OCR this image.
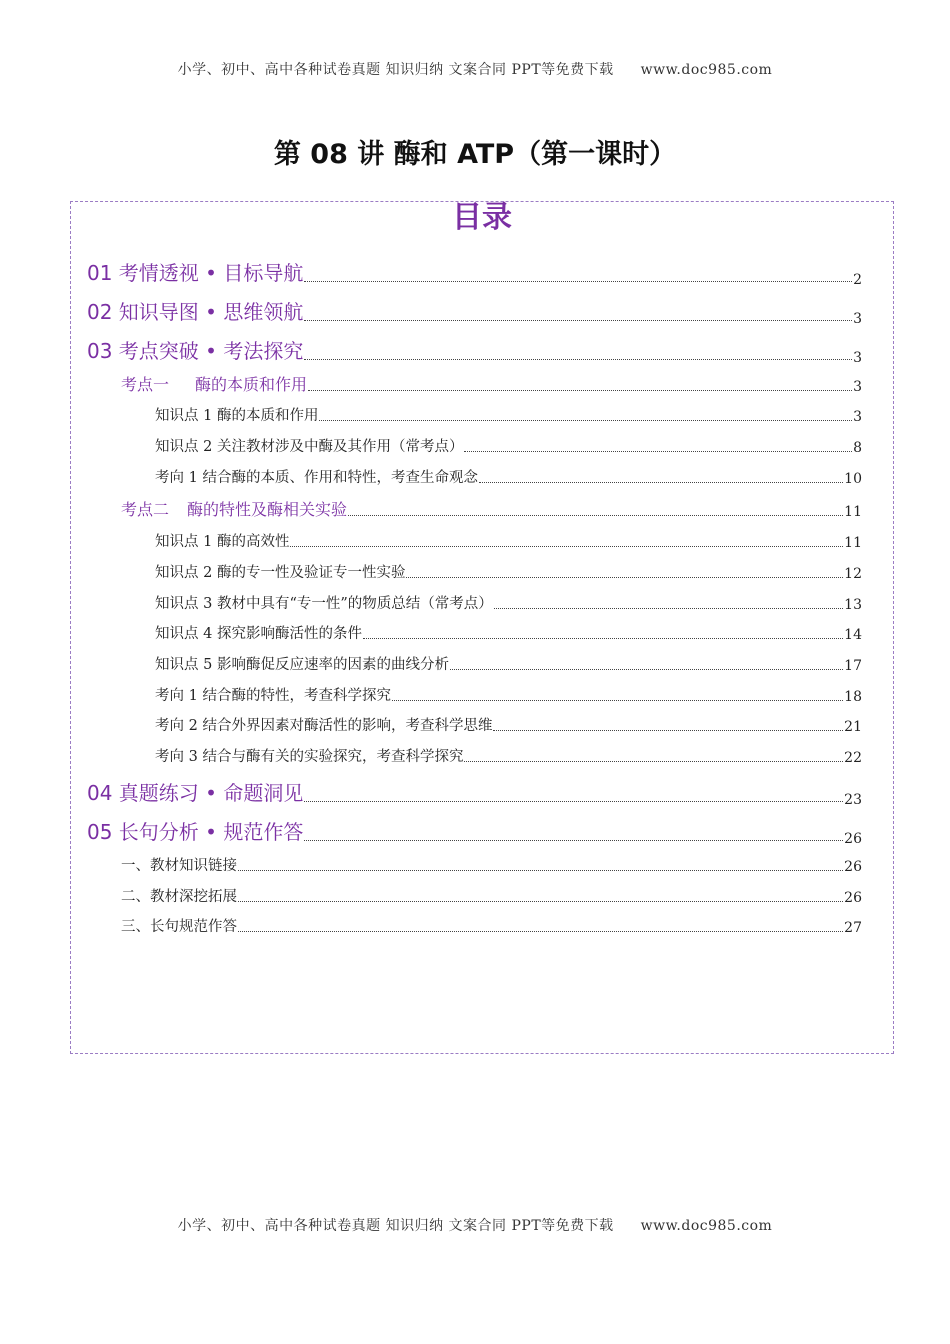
小学、初中、高中各种试卷真题 知识归纳 文案合同 PPT等免费下载 www.doc985.com
第 08 讲 酶和 ATP（第一课时）
目录
01 考情透视 • 目标导航	2
02 知识导图 • 思维领航	3
03 考点突破 • 考法探究	3
考点一 酶的本质和作用	3
知识点 1 酶的本质和作用	3
知识点 2 关注教材涉及中酶及其作用（常考点）	8
考向 1 结合酶的本质、作用和特性，考查生命观念	10
考点二 酶的特性及酶相关实验	11
知识点 1 酶的高效性	11
知识点 2 酶的专一性及验证专一性实验	12
知识点 3 教材中具有“专一性”的物质总结（常考点）	13
知识点 4 探究影响酶活性的条件	14
知识点 5 影响酶促反应速率的因素的曲线分析	17
考向 1 结合酶的特性，考查科学探究	18
考向 2 结合外界因素对酶活性的影响，考查科学思维	21
考向 3 结合与酶有关的实验探究，考查科学探究	22
04 真题练习 • 命题洞见	23
05 长句分析 • 规范作答	26
一、教材知识链接	26
二、教材深挖拓展	26
三、长句规范作答	27
小学、初中、高中各种试卷真题 知识归纳 文案合同 PPT等免费下载 www.doc985.com
